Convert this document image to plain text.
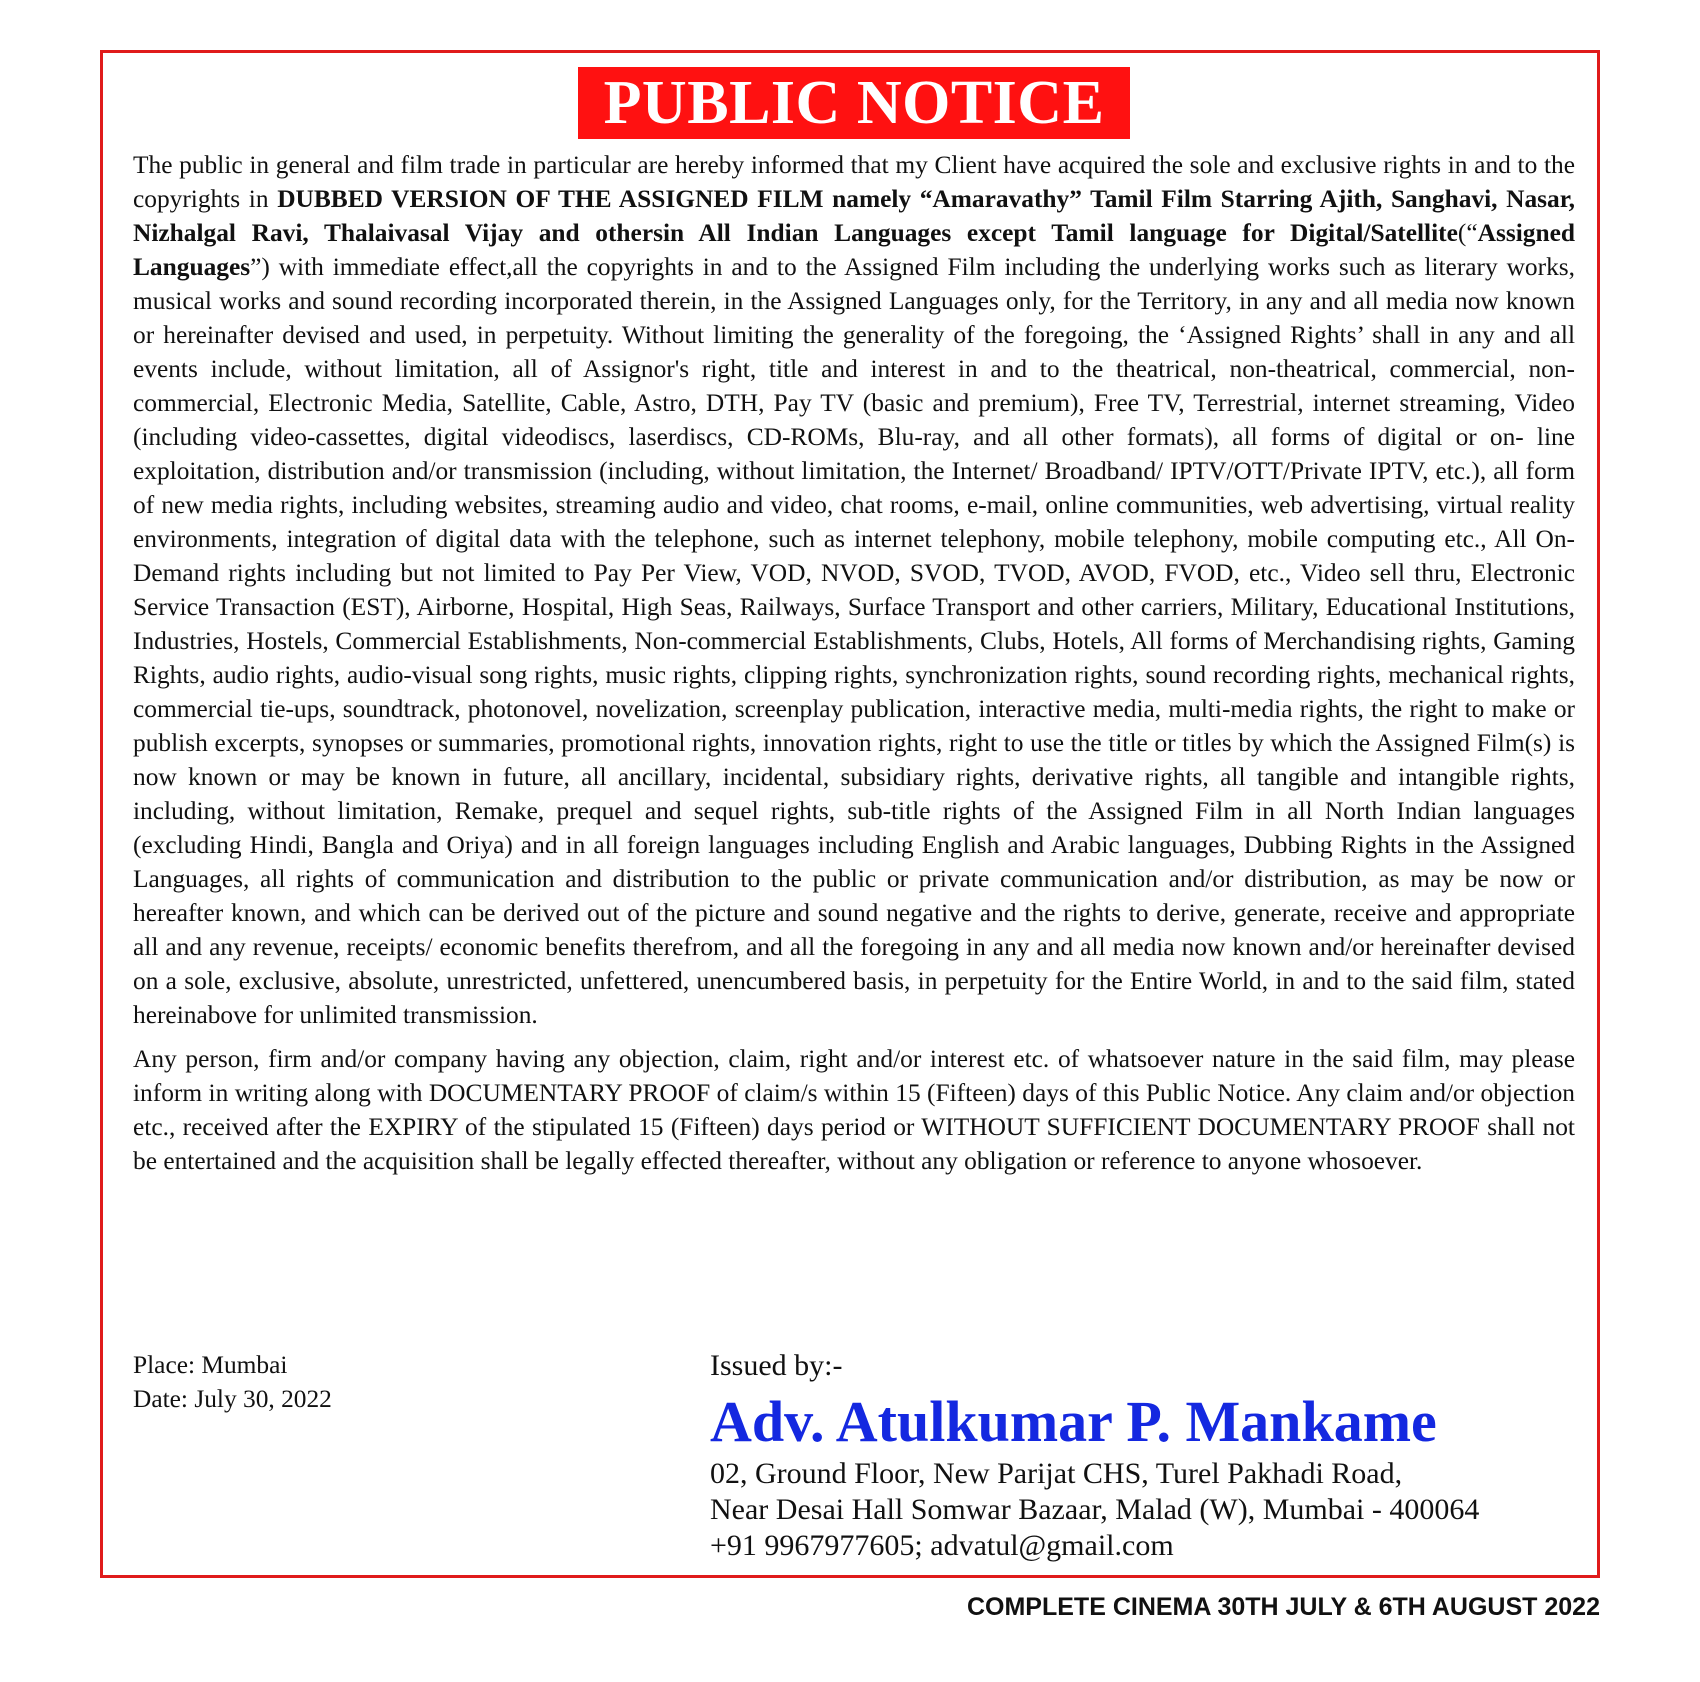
PUBLIC NOTICE

The public in general and film trade in particular are hereby informed that my Client have acquired the sole and exclusive rights in and to the copyrights in DUBBED VERSION OF THE ASSIGNED FILM namely “Amaravathy” Tamil Film Starring Ajith, Sanghavi, Nasar, Nizhalgal Ravi, Thalaivasal Vijay and othersin All Indian Languages except Tamil language for Digital/Satellite(“Assigned Languages”) with immediate effect,all the copyrights in and to the Assigned Film including the underlying works such as literary works, musical works and sound recording incorporated therein, in the Assigned Languages only, for the Territory, in any and all media now known or hereinafter devised and used, in perpetuity. Without limiting the generality of the foregoing, the ‘Assigned Rights’ shall in any and all events include, without limitation, all of Assignor's right, title and interest in and to the theatrical, non-theatrical, commercial, non-commercial, Electronic Media, Satellite, Cable, Astro, DTH, Pay TV (basic and premium), Free TV, Terrestrial, internet streaming, Video (including video-cassettes, digital videodiscs, laserdiscs, CD-ROMs, Blu-ray, and all other formats), all forms of digital or on- line exploitation, distribution and/or transmission (including, without limitation, the Internet/ Broadband/ IPTV/OTT/Private IPTV, etc.), all form of new media rights, including websites, streaming audio and video, chat rooms, e-mail, online communities, web advertising, virtual reality environments, integration of digital data with the telephone, such as internet telephony, mobile telephony, mobile computing etc., All On-Demand rights including but not limited to Pay Per View, VOD, NVOD, SVOD, TVOD, AVOD, FVOD, etc., Video sell thru, Electronic Service Transaction (EST), Airborne, Hospital, High Seas, Railways, Surface Transport and other carriers, Military, Educational Institutions, Industries, Hostels, Commercial Establishments, Non-commercial Establishments, Clubs, Hotels, All forms of Merchandising rights, Gaming Rights, audio rights, audio-visual song rights, music rights, clipping rights, synchronization rights, sound recording rights, mechanical rights, commercial tie-ups, soundtrack, photonovel, novelization, screenplay publication, interactive media, multi-media rights, the right to make or publish excerpts, synopses or summaries, promotional rights, innovation rights, right to use the title or titles by which the Assigned Film(s) is now known or may be known in future, all ancillary, incidental, subsidiary rights, derivative rights, all tangible and intangible rights, including, without limitation, Remake, prequel and sequel rights, sub-title rights of the Assigned Film in all North Indian languages (excluding Hindi, Bangla and Oriya) and in all foreign languages including English and Arabic languages, Dubbing Rights in the Assigned Languages, all rights of communication and distribution to the public or private communication and/or distribution, as may be now or hereafter known, and which can be derived out of the picture and sound negative and the rights to derive, generate, receive and appropriate all and any revenue, receipts/ economic benefits therefrom, and all the foregoing in any and all media now known and/or hereinafter devised on a sole, exclusive, absolute, unrestricted, unfettered, unencumbered basis, in perpetuity for the Entire World, in and to the said film, stated hereinabove for unlimited transmission.

Any person, firm and/or company having any objection, claim, right and/or interest etc. of whatsoever nature in the said film, may please inform in writing along with DOCUMENTARY PROOF of claim/s within 15 (Fifteen) days of this Public Notice. Any claim and/or objection etc., received after the EXPIRY of the stipulated 15 (Fifteen) days period or WITHOUT SUFFICIENT DOCUMENTARY PROOF shall not be entertained and the acquisition shall be legally effected thereafter, without any obligation or reference to anyone whosoever.

Place: Mumbai
Date: July 30, 2022
Issued by:-
Adv. Atulkumar P. Mankame
02, Ground Floor, New Parijat CHS, Turel Pakhadi Road,
Near Desai Hall Somwar Bazaar, Malad (W), Mumbai - 400064
+91 9967977605; advatul@gmail.com
COMPLETE CINEMA 30TH JULY & 6TH AUGUST 2022
